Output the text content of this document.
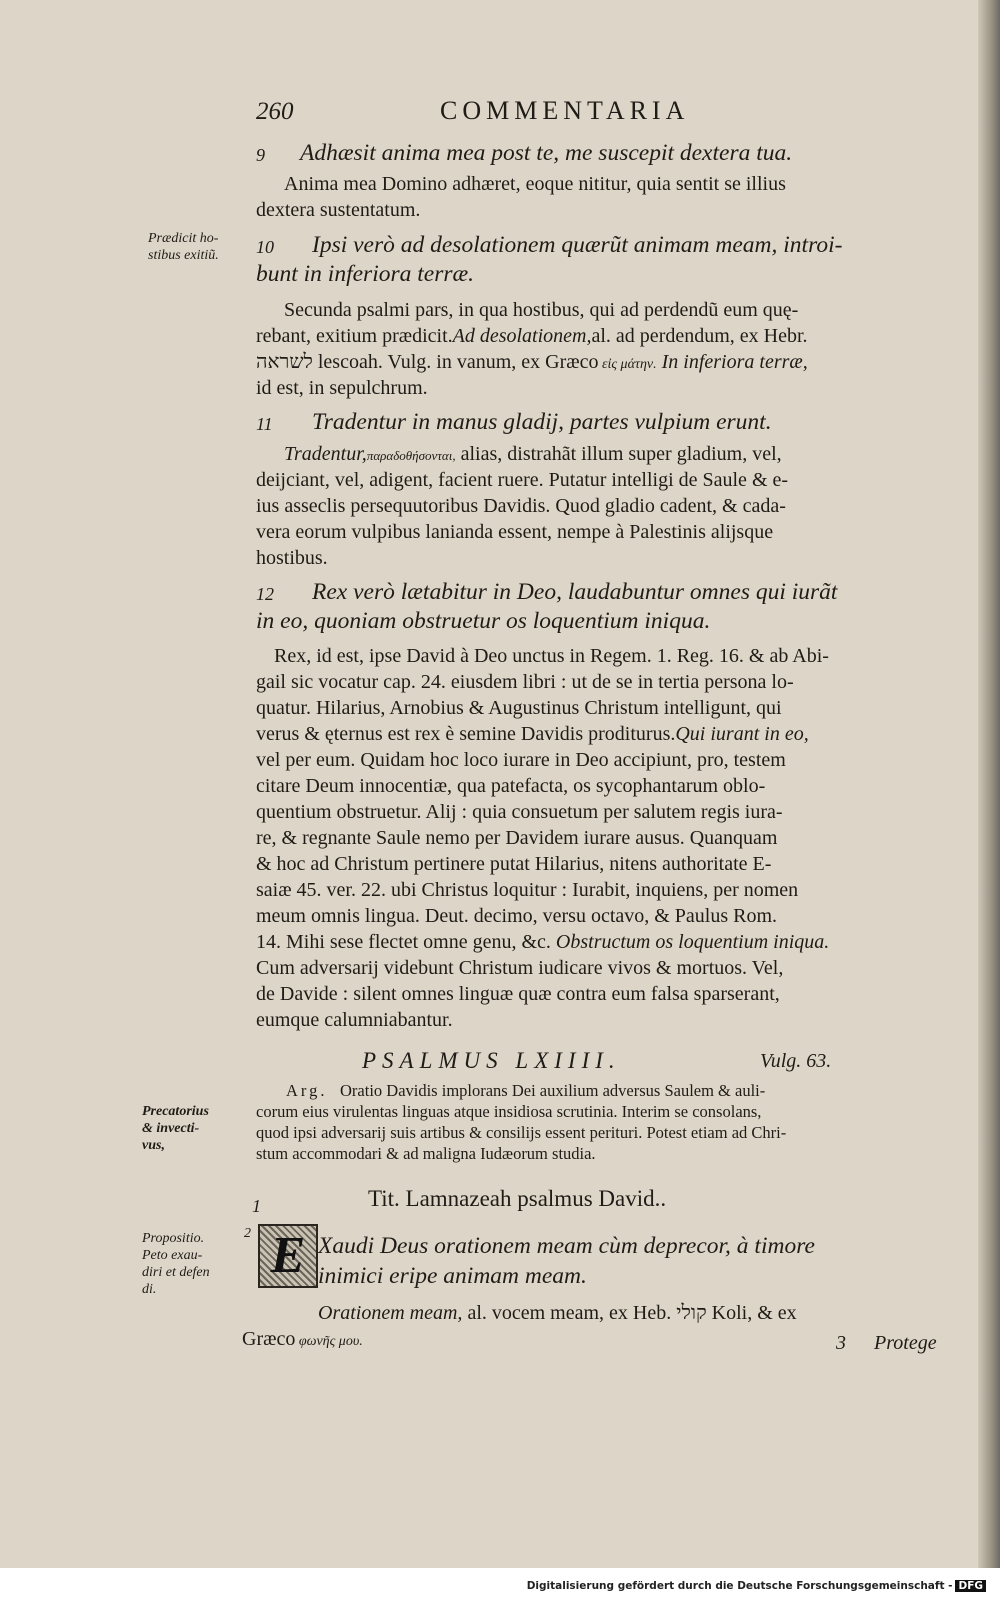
260	COMMENTARIA
9 Adhæsit anima mea post te, me suscepit dextera tua.
Anima mea Domino adhæret, eoque nititur, quia sentit se illius
dextera sustentatum.
Prædicit ho-
stibus exitiũ.	10 Ipsi verò ad desolationem quærũt animam meam, introi-
bunt in inferiora terræ.
Secunda psalmi pars, in qua hostibus, qui ad perdendũ eum quę-
rebant, exitium prædicit.Ad desolationem,al. ad perdendum, ex Hebr.
לשראה lescoah. Vulg. in vanum, ex Græco εἰς μάτην. In inferiora terræ,
id est, in sepulchrum.
11 Tradentur in manus gladij, partes vulpium erunt.
Tradentur,παραδοθήσονται, alias, distrahãt illum super gladium, vel,
deijciant, vel, adigent, facient ruere. Putatur intelligi de Saule & e-
ius asseclis persequutoribus Davidis. Quod gladio cadent, & cada-
vera eorum vulpibus lanianda essent, nempe à Palestinis alijsque
hostibus.
12 Rex verò lætabitur in Deo, laudabuntur omnes qui iurãt
in eo, quoniam obstruetur os loquentium iniqua.
Rex, id est, ipse David à Deo unctus in Regem. 1. Reg. 16. & ab Abi-
gail sic vocatur cap. 24. eiusdem libri : ut de se in tertia persona lo-
quatur. Hilarius, Arnobius & Augustinus Christum intelligunt, qui
verus & ęternus est rex è semine Davidis proditurus.Qui iurant in eo,
vel per eum. Quidam hoc loco iurare in Deo accipiunt, pro, testem
citare Deum innocentiæ, qua patefacta, os sycophantarum oblo-
quentium obstruetur. Alij : quia consuetum per salutem regis iura-
re, & regnante Saule nemo per Davidem iurare ausus. Quanquam
& hoc ad Christum pertinere putat Hilarius, nitens authoritate E-
saiæ 45. ver. 22. ubi Christus loquitur : Iurabit, inquiens, per nomen
meum omnis lingua. Deut. decimo, versu octavo, & Paulus Rom.
14. Mihi sese flectet omne genu, &c. Obstructum os loquentium iniqua.
Cum adversarij videbunt Christum iudicare vivos & mortuos. Vel,
de Davide : silent omnes linguæ quæ contra eum falsa sparserant,
eumque calumniabantur.
PSALMUS LXIIII.	Vulg. 63.
Arg. Oratio Davidis implorans Dei auxilium adversus Saulem & auli-
corum eius virulentas linguas atque insidiosa scrutinia. Interim se consolans,
quod ipsi adversarij suis artibus & consilijs essent perituri. Potest etiam ad Chri-
stum accommodari & ad maligna Iudæorum studia.
Precatorius
& invecti-
vus,
1	Tit. Lamnazeah psalmus David..
Propositio.
Peto exau-
diri et defen
di.
2 E Xaudi Deus orationem meam cùm deprecor, à timore
inimici eripe animam meam.
Orationem meam, al. vocem meam, ex Heb. קולי Koli, & ex
Græco φωνῆς μου.	3 Protege
Digitalisierung gefördert durch die Deutsche Forschungsgemeinschaft - DFG
